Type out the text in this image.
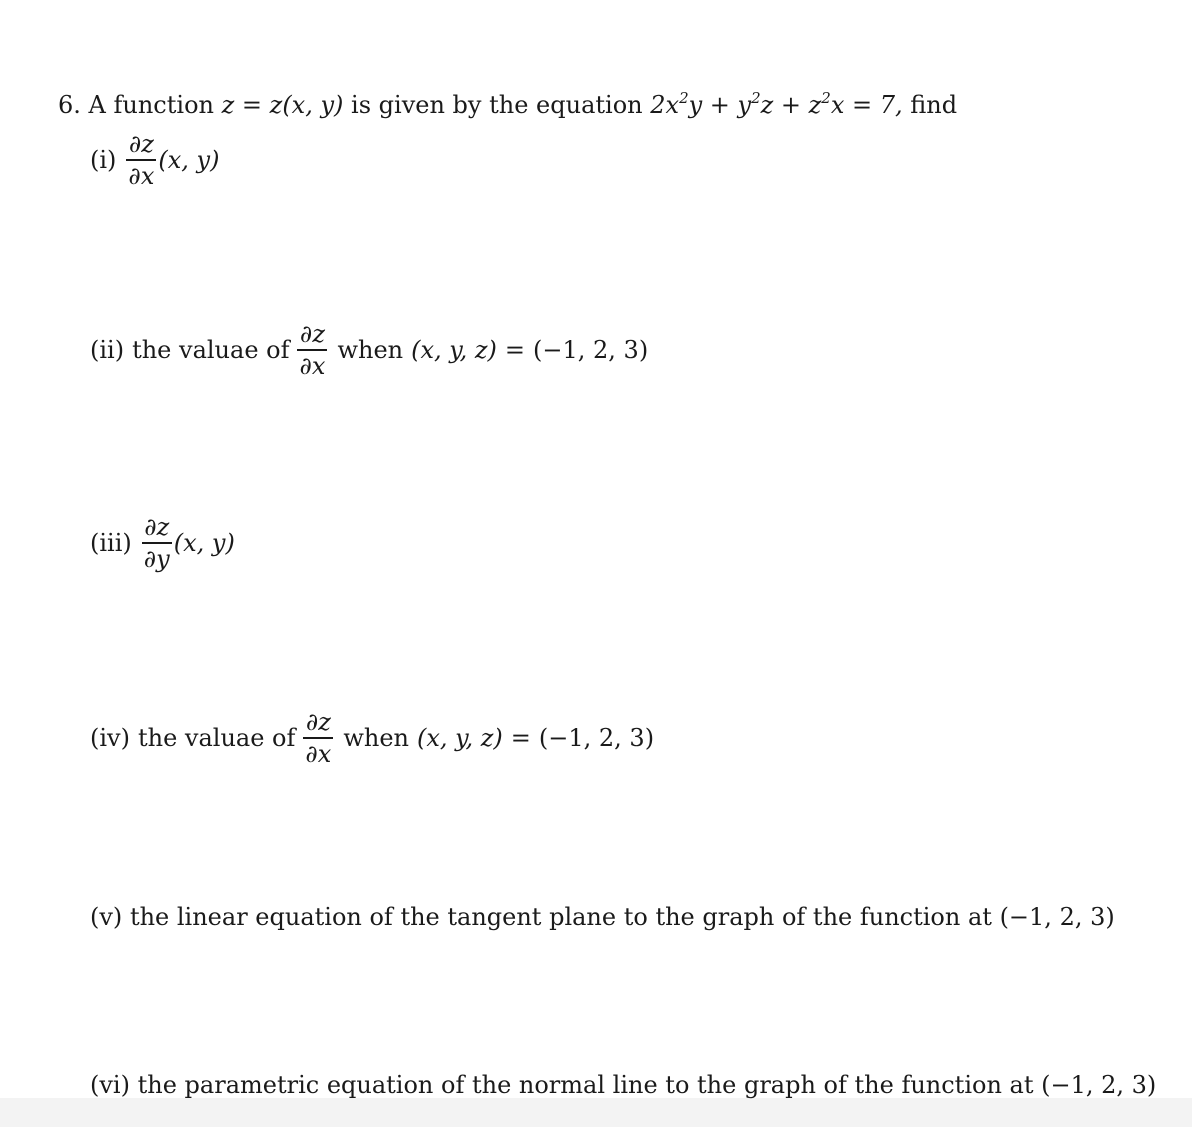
6. A function z = z(x, y) is given by the equation $2x^2y + y^2z + z^2x = 7$, find
$(i) \frac{\partial z}{\partial x} (x$, y)
(ii) the valuae of $\frac{\partial z}{\partial x}$ when (x, y, z) = (−1, 2, 3)
$(iii) \frac{\partial z}{\partial y} (x$, y)
(iv) the valuae of $\frac{\partial z}{\partial x}$ when (x, y, z) = (−1, 2, 3)
(v) the linear equation of the tangent plane to the graph of the function at (−1, 2, 3)
(vi) the parametric equation of the normal line to the graph of the function at (−1, 2, 3)
